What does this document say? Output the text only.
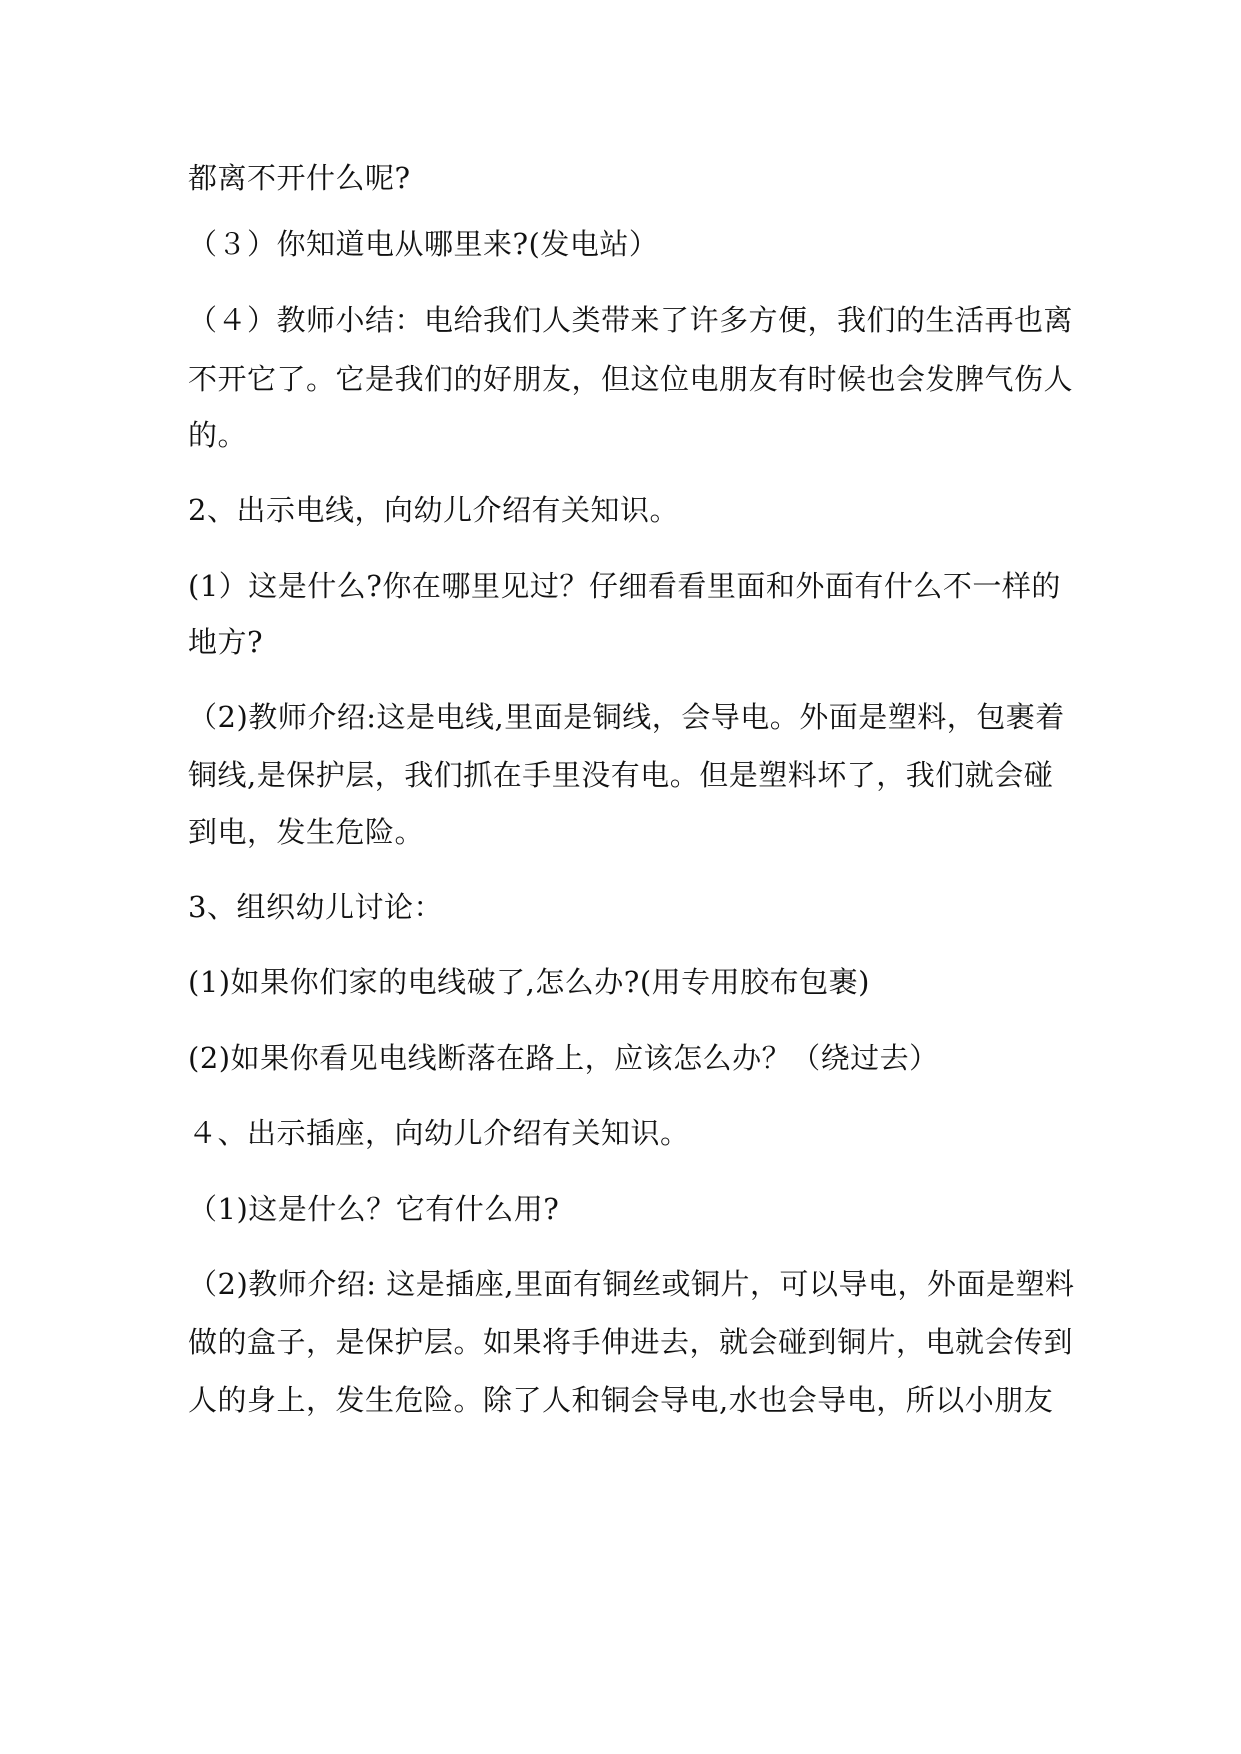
都离不开什么呢?
（３）你知道电从哪里来?(发电站）
（４）教师小结：电给我们人类带来了许多方便，我们的生活再也离
不开它了。它是我们的好朋友，但这位电朋友有时候也会发脾气伤人
的。
2、出示电线，向幼儿介绍有关知识。
(1）这是什么?你在哪里见过？仔细看看里面和外面有什么不一样的
地方?
（2)教师介绍:这是电线,里面是铜线，会导电。外面是塑料，包裹着
铜线,是保护层，我们抓在手里没有电。但是塑料坏了，我们就会碰
到电，发生危险。
3、组织幼儿讨论：
(1)如果你们家的电线破了,怎么办?(用专用胶布包裹)
(2)如果你看见电线断落在路上，应该怎么办？（绕过去）
４、出示插座，向幼儿介绍有关知识。
（1)这是什么？它有什么用?
（2)教师介绍: 这是插座,里面有铜丝或铜片，可以导电，外面是塑料
做的盒子，是保护层。如果将手伸进去，就会碰到铜片，电就会传到
人的身上，发生危险。除了人和铜会导电,水也会导电，所以小朋友
